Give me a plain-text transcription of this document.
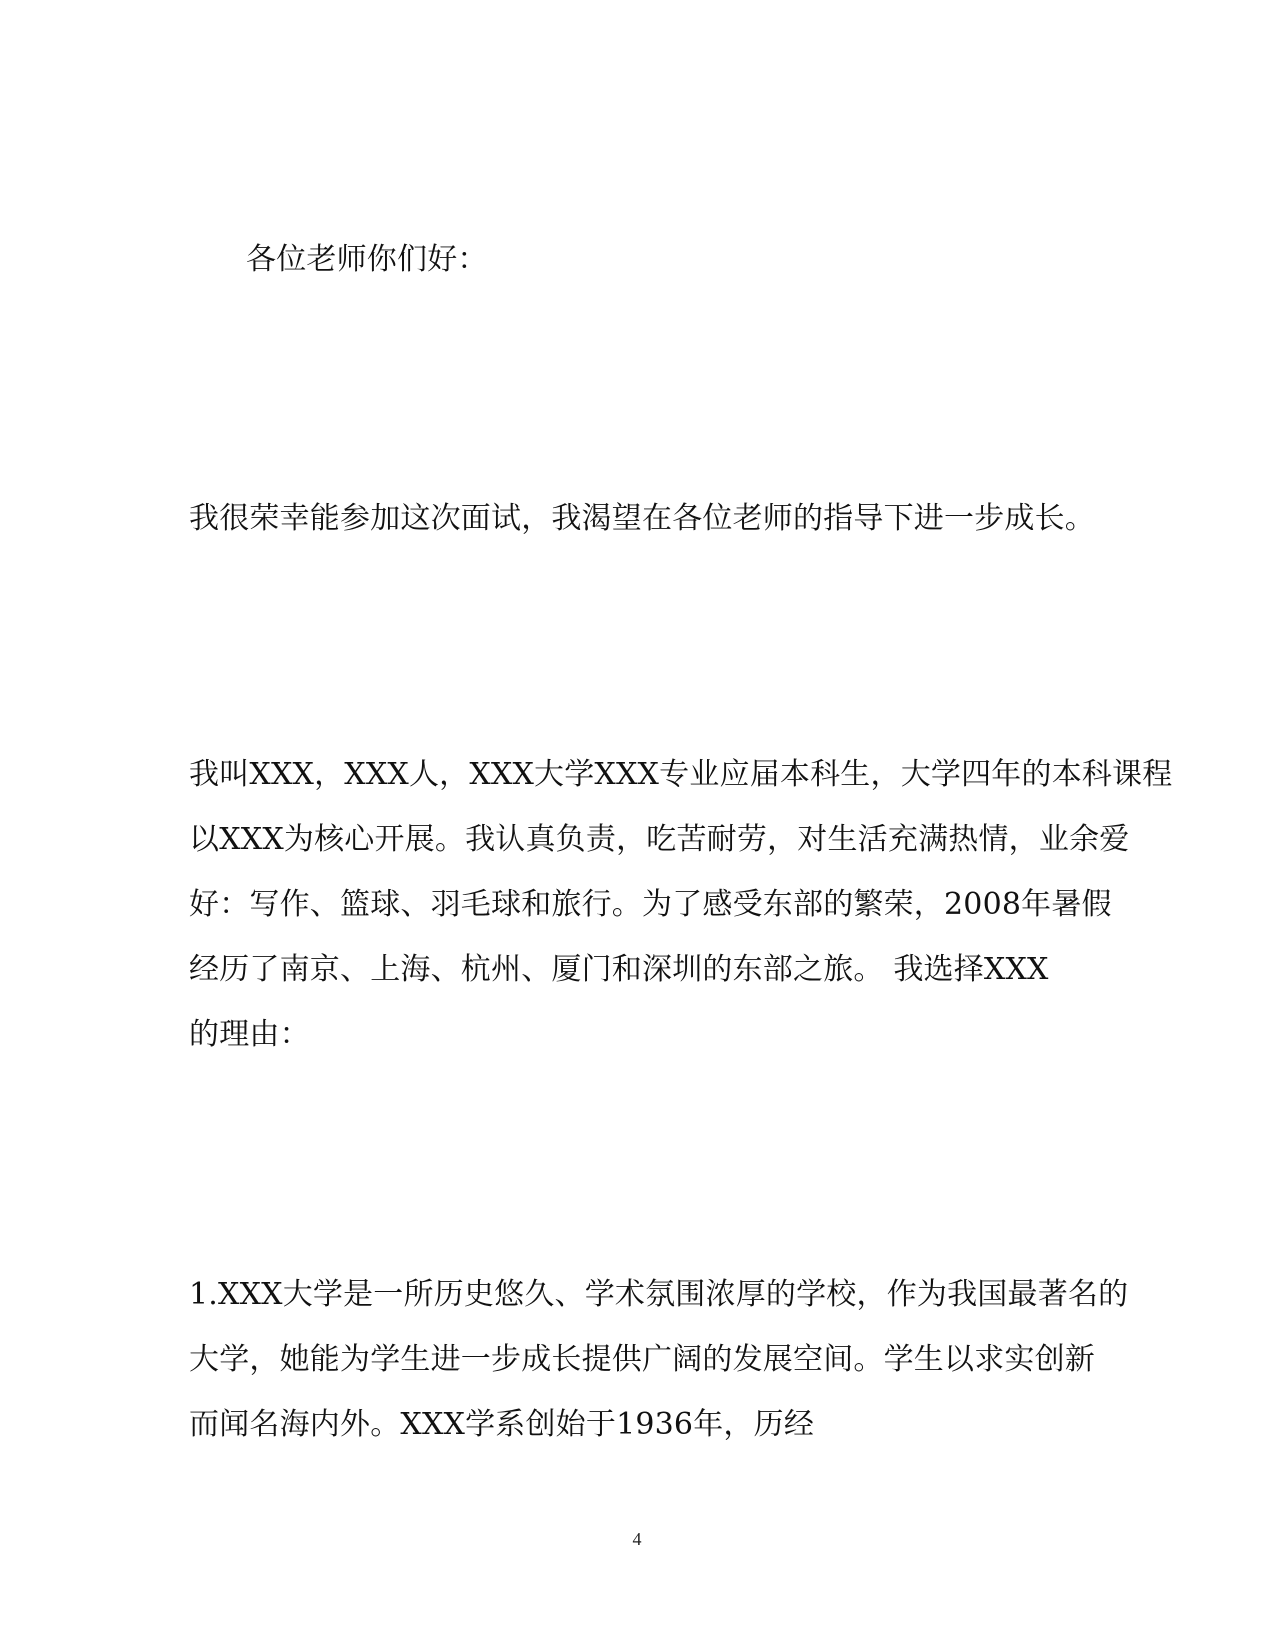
各位老师你们好：
我很荣幸能参加这次面试，我渴望在各位老师的指导下进一步成长。
我叫XXX，XXX人，XXX大学XXX专业应届本科生，大学四年的本科课程
以XXX为核心开展。我认真负责，吃苦耐劳，对生活充满热情，业余爱
好：写作、篮球、羽毛球和旅行。为了感受东部的繁荣，2008年暑假
经历了南京、上海、杭州、厦门和深圳的东部之旅。 我选择XXX
的理由：
1.XXX大学是一所历史悠久、学术氛围浓厚的学校，作为我国最著名的
大学，她能为学生进一步成长提供广阔的发展空间。学生以求实创新
而闻名海内外。XXX学系创始于1936年，历经
4
